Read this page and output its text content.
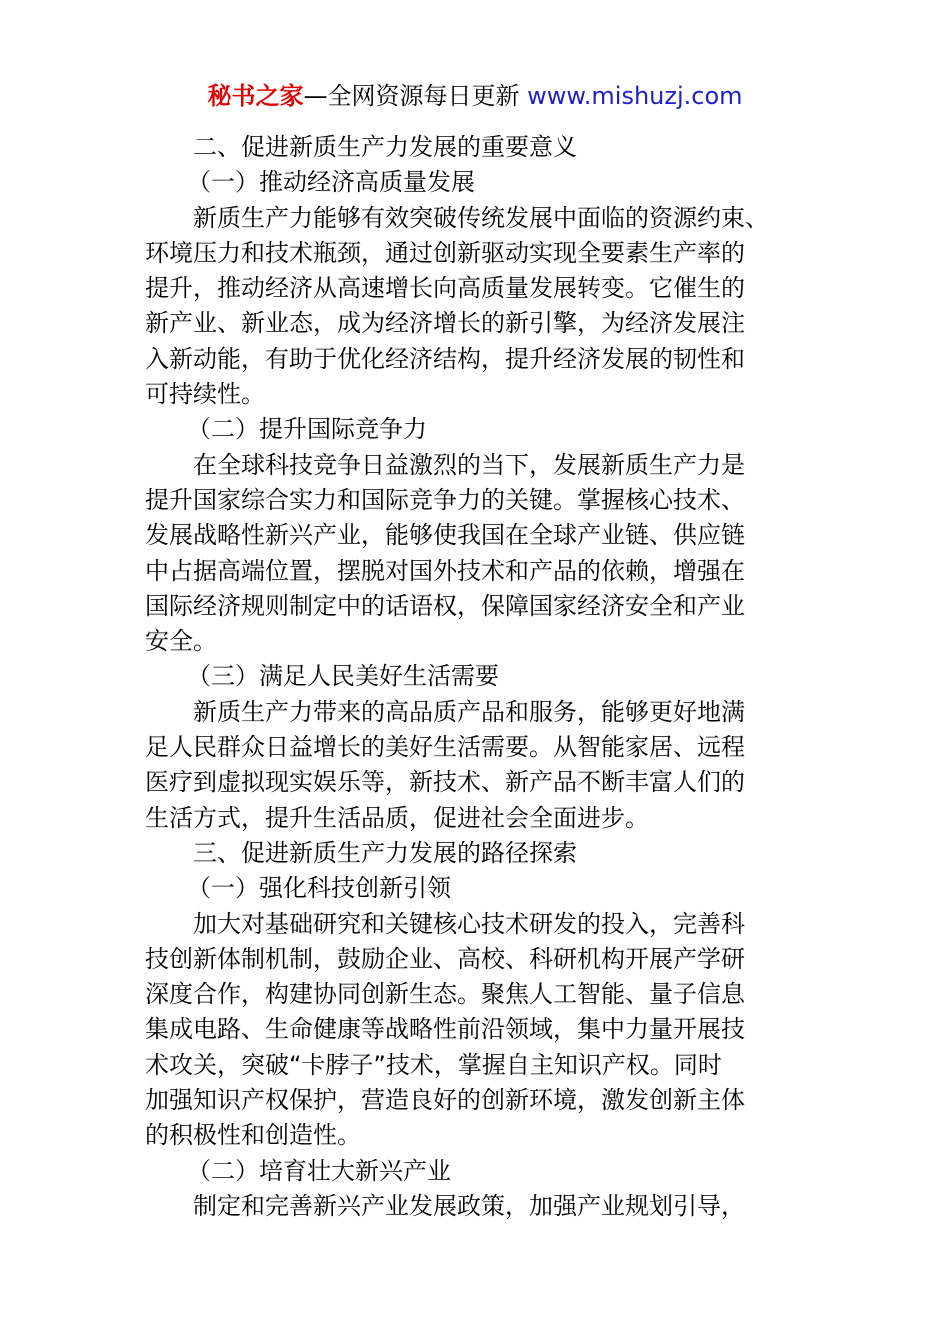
秘书之家—全网资源每日更新 www.mishuzj.com
二、促进新质生产力发展的重要意义
（一）推动经济高质量发展
新质生产力能够有效突破传统发展中面临的资源约束、
环境压力和技术瓶颈，通过创新驱动实现全要素生产率的
提升，推动经济从高速增长向高质量发展转变。它催生的
新产业、新业态，成为经济增长的新引擎，为经济发展注
入新动能，有助于优化经济结构，提升经济发展的韧性和
可持续性。
（二）提升国际竞争力
在全球科技竞争日益激烈的当下，发展新质生产力是
提升国家综合实力和国际竞争力的关键。掌握核心技术、
发展战略性新兴产业，能够使我国在全球产业链、供应链
中占据高端位置，摆脱对国外技术和产品的依赖，增强在
国际经济规则制定中的话语权，保障国家经济安全和产业
安全。
（三）满足人民美好生活需要
新质生产力带来的高品质产品和服务，能够更好地满
足人民群众日益增长的美好生活需要。从智能家居、远程
医疗到虚拟现实娱乐等，新技术、新产品不断丰富人们的
生活方式，提升生活品质，促进社会全面进步。
三、促进新质生产力发展的路径探索
（一）强化科技创新引领
加大对基础研究和关键核心技术研发的投入，完善科
技创新体制机制，鼓励企业、高校、科研机构开展产学研
深度合作，构建协同创新生态。聚焦人工智能、量子信息
集成电路、生命健康等战略性前沿领域，集中力量开展技
术攻关，突破“卡脖子”技术，掌握自主知识产权。同时
加强知识产权保护，营造良好的创新环境，激发创新主体
的积极性和创造性。
（二）培育壮大新兴产业
制定和完善新兴产业发展政策，加强产业规划引导，
